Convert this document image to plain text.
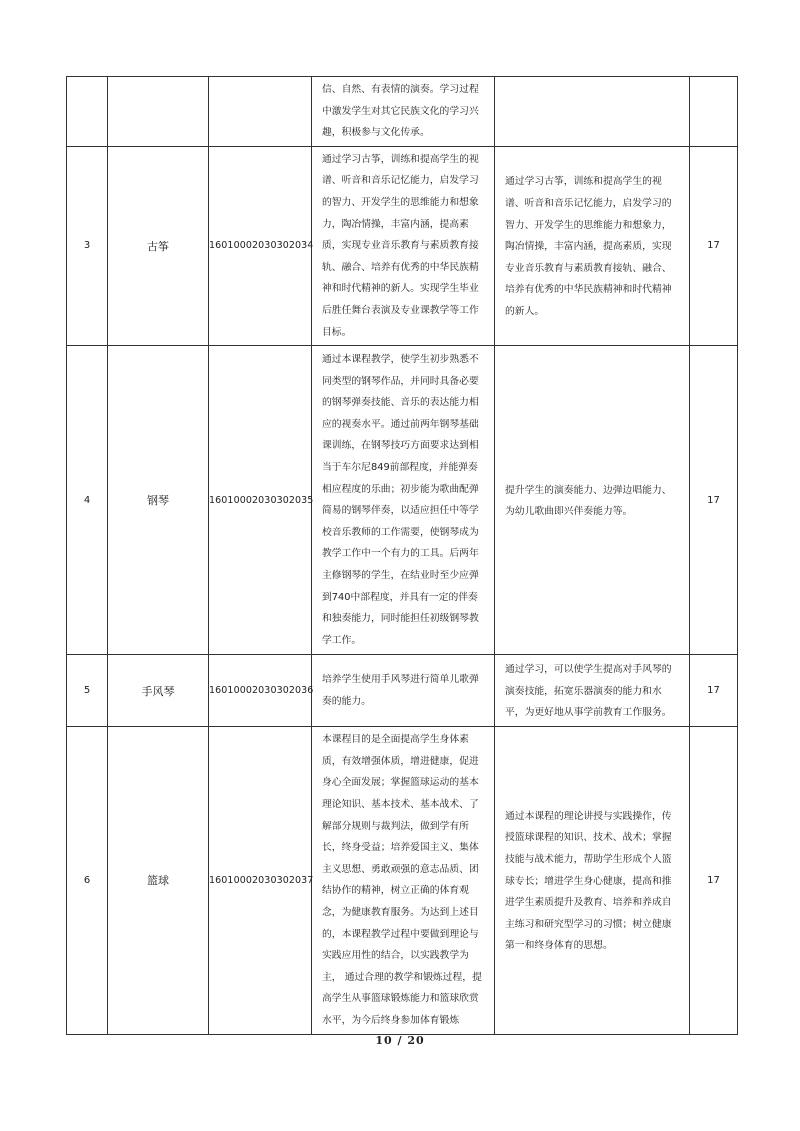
			信、自然、有表情的演奏。学习过程中激发学生对其它民族文化的学习兴趣，积极参与文化传承。		

3	古筝	16010002030302034	通过学习古筝，训练和提高学生的视谱、听音和音乐记忆能力，启发学习的智力、开发学生的思维能力和想象力，陶冶情操，丰富内涵，提高素质，实现专业音乐教育与素质教育接轨、融合、培养有优秀的中华民族精神和时代精神的新人。实现学生毕业后胜任舞台表演及专业课教学等工作目标。	通过学习古筝，训练和提高学生的视谱、听音和音乐记忆能力，启发学习的智力、开发学生的思维能力和想象力，陶冶情操，丰富内涵，提高素质，实现专业音乐教育与素质教育接轨、融合、培养有优秀的中华民族精神和时代精神的新人。	17
4	钢琴	16010002030302035	通过本课程教学，使学生初步熟悉不同类型的钢琴作品，并同时具备必要的钢琴弹奏技能、音乐的表达能力相应的视奏水平。通过前两年钢琴基础课训练，在钢琴技巧方面要求达到相当于车尔尼849前部程度，并能弹奏相应程度的乐曲；初步能为歌曲配弹简易的钢琴伴奏，以适应担任中等学校音乐教师的工作需要，使钢琴成为教学工作中一个有力的工具。后两年主修钢琴的学生，在结业时至少应弹到740中部程度，并具有一定的伴奏和独奏能力，同时能担任初级钢琴教学工作。	提升学生的演奏能力、边弹边唱能力、为幼儿歌曲即兴伴奏能力等。	17
5	手风琴	16010002030302036	培养学生使用手风琴进行简单儿歌弹奏的能力。	通过学习，可以使学生提高对手风琴的演奏技能，拓宽乐器演奏的能力和水平，为更好地从事学前教育工作服务。	17
6	篮球	16010002030302037	本课程目的是全面提高学生身体素质，有效增强体质，增进健康，促进身心全面发展；掌握篮球运动的基本理论知识、基本技术、基本战术、了解部分规则与裁判法，做到学有所长，终身受益；培养爱国主义、集体主义思想、勇敢顽强的意志品质、团结协作的精神，树立正确的体育观念，为健康教育服务。为达到上述目的，本课程教学过程中要做到理论与实践应用性的结合，以实践教学为主， 通过合理的教学和锻炼过程，提高学生从事篮球锻炼能力和篮球欣赏水平，为今后终身参加体育锻炼	通过本课程的理论讲授与实践操作，传授篮球课程的知识、技术、战术；掌握技能与战术能力，帮助学生形成个人篮球专长；增进学生身心健康，提高和推进学生素质提升及教育、培养和养成自主练习和研究型学习的习惯；树立健康第一和终身体育的思想。	17
10 / 20
